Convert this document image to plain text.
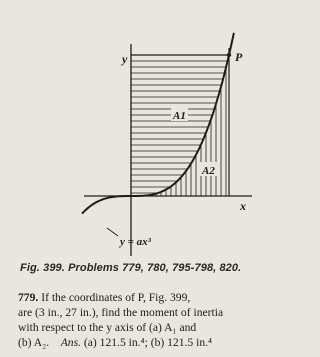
y	P
x
A1
A2
y = ax³
Fig. 399. Problems 779, 780, 795-798, 820.
779. If the coordinates of P, Fig. 399,
are (3 in., 27 in.), find the moment of inertia
with respect to the y axis of (a) A₁ and
(b) A₂. Ans. (a) 121.5 in.⁴; (b) 121.5 in.⁴
